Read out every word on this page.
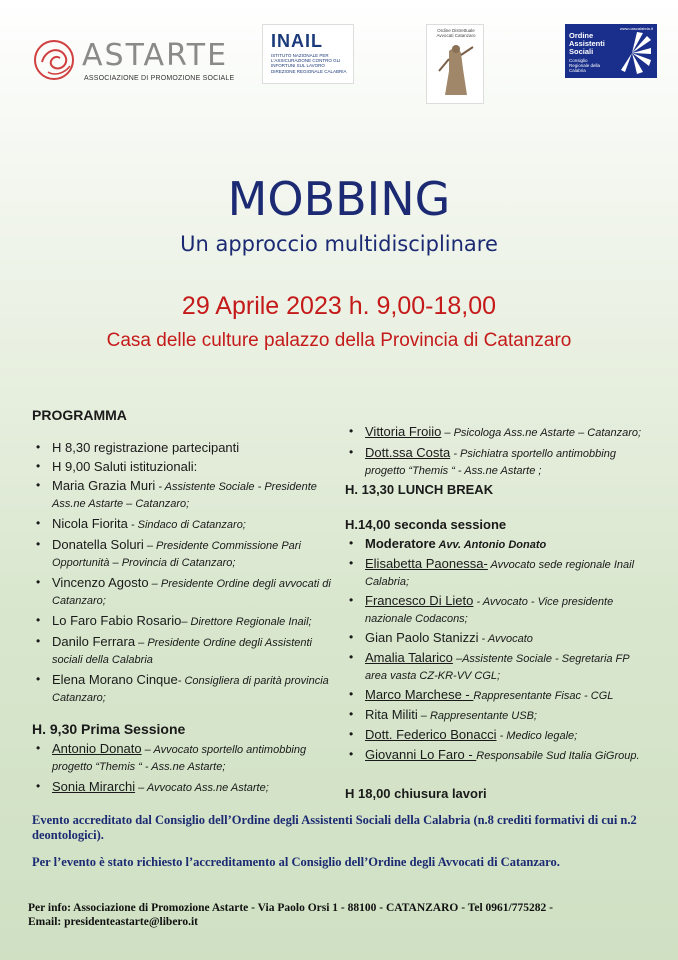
ASTARTE
ASSOCIAZIONE DI PROMOZIONE SOCIALE
INAIL
ISTITUTO NAZIONALE PER L'ASSICURAZIONE CONTRO GLI INFORTUNI SUL LAVORO
DIREZIONE REGIONALE CALABRIA
Ordine Distrettuale Avvocati Catanzaro
www.oascalabria.it
Ordine Assistenti Sociali
Consiglio Regionale della Calabria
MOBBING
Un approccio multidisciplinare
29 Aprile 2023 h. 9,00-18,00
Casa delle culture palazzo della Provincia di Catanzaro
PROGRAMMA
• H 8,30 registrazione partecipanti
• H 9,00 Saluti istituzionali:
• Maria Grazia Muri - Assistente Sociale - Presidente Ass.ne Astarte – Catanzaro;
• Nicola Fiorita - Sindaco di Catanzaro;
• Donatella Soluri – Presidente Commissione Pari Opportunità – Provincia di Catanzaro;
• Vincenzo Agosto – Presidente Ordine degli avvocati di Catanzaro;
• Lo Faro Fabio Rosario– Direttore Regionale Inail;
• Danilo Ferrara – Presidente Ordine degli Assistenti sociali della Calabria
• Elena Morano Cinque- Consigliera di parità provincia Catanzaro;
H. 9,30 Prima Sessione
• Antonio Donato – Avvocato sportello antimobbing progetto “Themis “ - Ass.ne Astarte;
• Sonia Mirarchi – Avvocato Ass.ne Astarte;
• Vittoria Froiio – Psicologa Ass.ne Astarte – Catanzaro;
• Dott.ssa Costa - Psichiatra sportello antimobbing progetto “Themis “ - Ass.ne Astarte ;
H. 13,30 LUNCH BREAK
H.14,00 seconda sessione
• Moderatore Avv. Antonio Donato
• Elisabetta Paonessa- Avvocato sede regionale Inail Calabria;
• Francesco Di Lieto - Avvocato - Vice presidente nazionale Codacons;
• Gian Paolo Stanizzi - Avvocato
• Amalia Talarico –Assistente Sociale - Segretaria FP area vasta CZ-KR-VV CGL;
• Marco Marchese - Rappresentante Fisac - CGL
• Rita Militi – Rappresentante USB;
• Dott. Federico Bonacci - Medico legale;
• Giovanni Lo Faro - Responsabile Sud Italia GiGroup.
H 18,00 chiusura lavori
Evento accreditato dal Consiglio dell’Ordine degli Assistenti Sociali della Calabria (n.8 crediti formativi di cui n.2 deontologici).
Per l’evento è stato richiesto l’accreditamento al Consiglio dell’Ordine degli Avvocati di Catanzaro.
Per info: Associazione di Promozione Astarte - Via Paolo Orsi 1 - 88100 - CATANZARO - Tel 0961/775282 -
Email: presidenteastarte@libero.it
